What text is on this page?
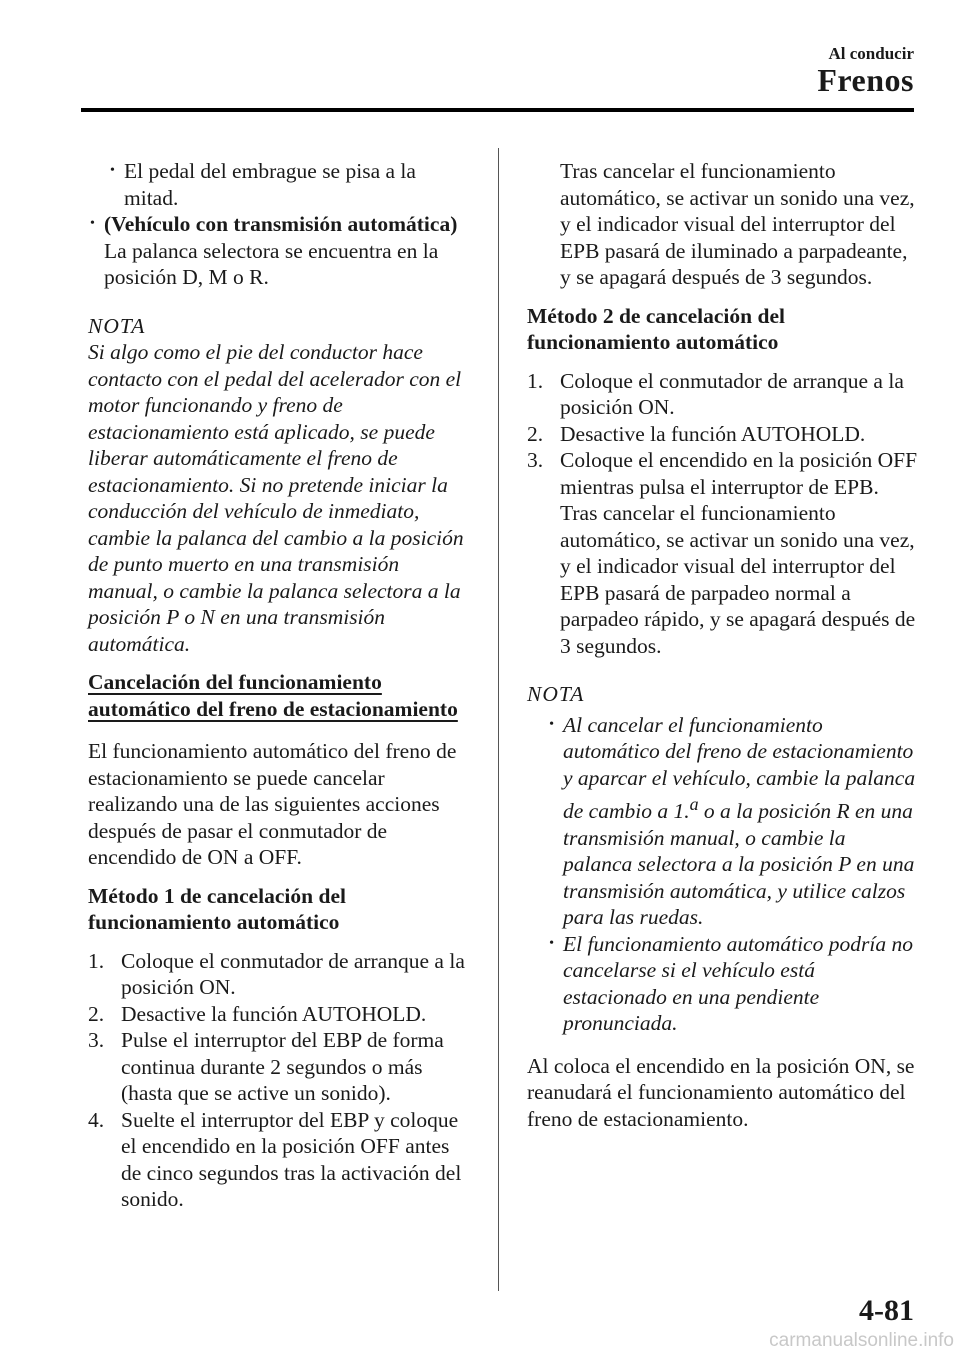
Al conducir
Frenos

• El pedal del embrague se pisa a la mitad.

• (Vehículo con transmisión automática)

La palanca selectora se encuentra en la posición D, M o R.

NOTA

Si algo como el pie del conductor hace contacto con el pedal del acelerador con el motor funcionando y freno de estacionamiento está aplicado, se puede liberar automáticamente el freno de estacionamiento. Si no pretende iniciar la conducción del vehículo de inmediato, cambie la palanca del cambio a la posición de punto muerto en una transmisión manual, o cambie la palanca selectora a la posición P o N en una transmisión automática.

Cancelación del funcionamiento

automático del freno de estacionamiento

El funcionamiento automático del freno de estacionamiento se puede cancelar realizando una de las siguientes acciones después de pasar el conmutador de encendido de ON a OFF.

Método 1 de cancelación del funcionamiento automático

1. Coloque el conmutador de arranque a la posición ON.
2. Desactive la función AUTOHOLD.
3. Pulse el interruptor del EBP de forma continua durante 2 segundos o más (hasta que se active un sonido).
4. Suelte el interruptor del EBP y coloque el encendido en la posición OFF antes de cinco segundos tras la activación del sonido.

Tras cancelar el funcionamiento automático, se activar un sonido una vez, y el indicador visual del interruptor del EPB pasará de iluminado a parpadeante, y se apagará después de 3 segundos.

Método 2 de cancelación del funcionamiento automático

1. Coloque el conmutador de arranque a la posición ON.
2. Desactive la función AUTOHOLD.
3. Coloque el encendido en la posición OFF mientras pulsa el interruptor de EPB.

Tras cancelar el funcionamiento automático, se activar un sonido una vez, y el indicador visual del interruptor del EPB pasará de parpadeo normal a parpadeo rápido, y se apagará después de 3 segundos.

NOTA

• Al cancelar el funcionamiento automático del freno de estacionamiento y aparcar el vehículo, cambie la palanca de cambio a 1.$^a$ o a la posición R en una transmisión manual, o cambie la palanca selectora a la posición P en una transmisión automática, y utilice calzos para las ruedas.

• El funcionamiento automático podría no cancelarse si el vehículo está estacionado en una pendiente pronunciada.

Al coloca el encendido en la posición ON, se reanudará el funcionamiento automático del freno de estacionamiento.

4-81
carmanualsonline.info
